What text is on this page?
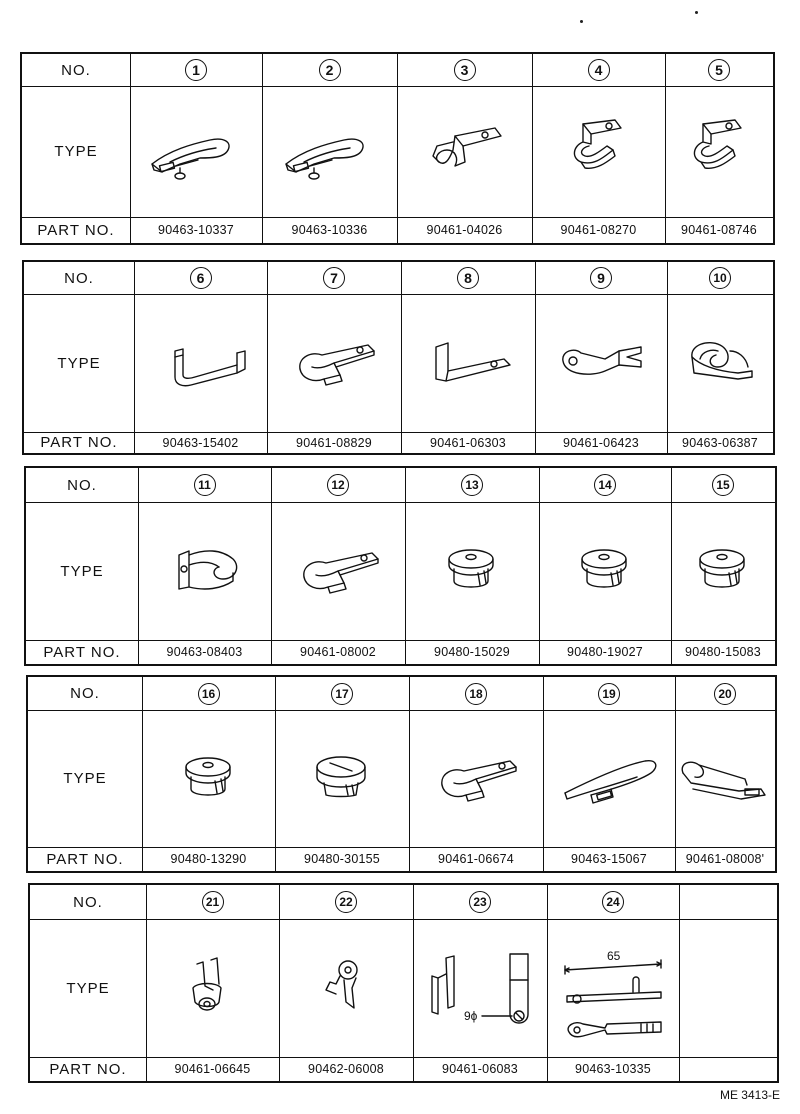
NO.
TYPE
PART NO.
1
90463-10337
2
90463-10336
3
90461-04026
4
90461-08270
5
90461-08746
NO.
TYPE
PART NO.
6
90463-15402
7
90461-08829
8
90461-06303
9
90461-06423
10
90463-06387
NO.
TYPE
PART NO.
11
90463-08403
12
90461-08002
13
90480-15029
14
90480-19027
15
90480-15083
NO.
TYPE
PART NO.
16
90480-13290
17
90480-30155
18
90461-06674
19
90463-15067
20
90461-08008'
NO.
TYPE
PART NO.
21
90461-06645
22
90462-06008
23
9ϕ
90461-06083
24
65
90463-10335
ME 3413-E
